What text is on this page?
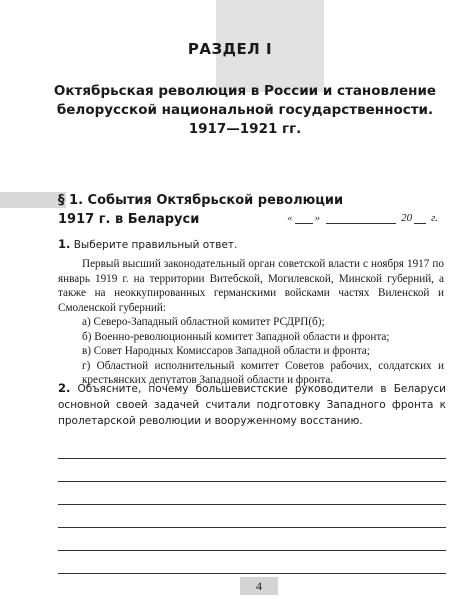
РАЗДЕЛ I
Октябрьская революция в России и становление
белорусской национальной государственности.
1917—1921 гг.
§ 1. События Октябрьской революции
1917 г. в Беларуси	« »	20 г.
1. Выберите правильный ответ.
Первый высший законодательный орган советской власти с ноября 1917 по январь 1919 г. на территории Витебской, Могилевской, Минской губерний, а также на неоккупированных германскими войсками частях Виленской и Смоленской губерний:
а) Северо-Западный областной комитет РСДРП(б);
б) Военно-революционный комитет Западной области и фронта;
в) Совет Народных Комиссаров Западной области и фронта;
г) Областной исполнительный комитет Советов рабочих, солдатских и крестьянских депутатов Западной области и фронта.
2. Объясните, почему большевистские руководители в Беларуси основной своей задачей считали подготовку Западного фронта к пролетарской революции и вооруженному восстанию.
4
